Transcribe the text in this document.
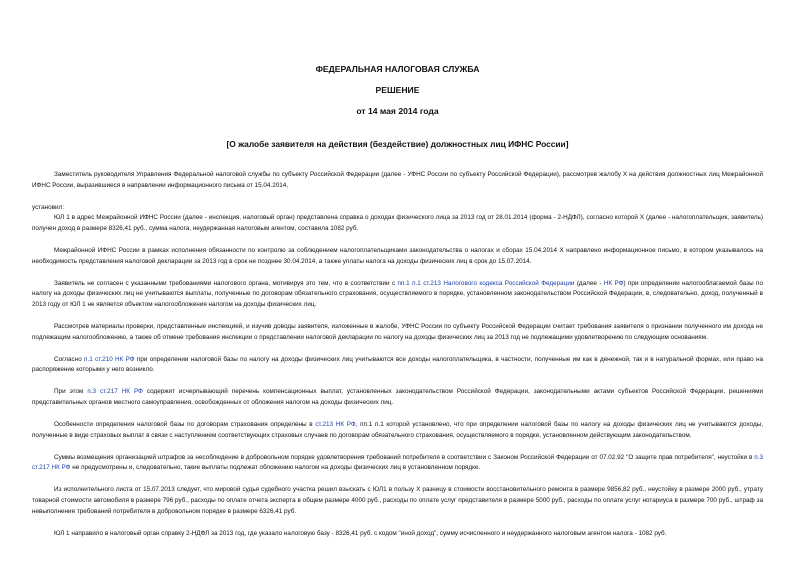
ФЕДЕРАЛЬНАЯ НАЛОГОВАЯ СЛУЖБА
РЕШЕНИЕ
от 14 мая 2014 года
[О жалобе заявителя на действия (бездействие) должностных лиц ИФНС России]

Заместитель руководителя Управления Федеральной налоговой службы по субъекту Российской Федерации (далее - УФНС России по субъекту Российской Федерации), рассмотрев жалобу Х на действия должностных лиц Межрайонной ИФНС России, выразившиеся в направлении информационного письма от 15.04.2014,

установил:

ЮЛ 1 в адрес Межрайонной ИФНС России (далее - инспекция, налоговый орган) представлена справка о доходах физического лица за 2013 год от 28.01.2014 (форма - 2-НДФЛ), согласно которой Х (далее - налогоплательщик, заявитель) получен доход в размере 8326,41 руб., сумма налога, неудержанная налоговым агентом, составила 1082 руб.

Межрайонной ИФНС России в рамках исполнения обязанности по контролю за соблюдением налогоплательщиками законодательства о налогах и сборах 15.04.2014 Х направлено информационное письмо, в котором указывалось на необходимость представления налоговой декларации за 2013 год в срок не позднее 30.04.2014, а также уплаты налога на доходы физических лиц в срок до 15.07.2014.

Заявитель не согласен с указанными требованиями налогового органа, мотивируя это тем, что в соответствии с пп.1 п.1 ст.213 Налогового кодекса Российской Федерации (далее - НК РФ) при определении налогооблагаемой базы по налогу на доходы физических лиц не учитываются выплаты, полученные по договорам обязательного страхования, осуществляемого в порядке, установленном законодательством Российской Федерации, в, следовательно, доход, полученный в 2013 году от ЮЛ 1 не является объектом налогообложения налогом на доходы физических лиц.

Рассмотрев материалы проверки, представленные инспекцией, и изучив доводы заявителя, изложенные в жалобе, УФНС России по субъекту Российской Федерации считает требования заявителя о признании полученного им дохода не подлежащим налогообложению, а также об отмене требования инспекции о представлении налоговой декларации по налогу на доходы физических лиц за 2013 год не подлежащими удовлетворению по следующим основаниям.

Согласно п.1 ст.210 НК РФ при определении налоговой базы по налогу на доходы физических лиц учитываются все доходы налогоплательщика, в частности, полученные им как в денежной, так и в натуральной формах, или право на распоряжение которыми у него возникло.

При этом п.3 ст.217 НК РФ содержит исчерпывающий перечень компенсационных выплат, установленных законодательством Российской Федерации, законодательными актами субъектов Российской Федерации, решениями представительных органов местного самоуправления, освобожденных от обложения налогом на доходы физических лиц.

Особенности определения налоговой базы по договорам страхования определены в ст.213 НК РФ, пп.1 п.1 которой установлено, что при определении налоговой базы по налогу на доходы физических лиц не учитываются доходы, полученные в виде страховых выплат в связи с наступлением соответствующих страховых случаев по договорам обязательного страхования, осуществляемого в порядке, установленном действующим законодательством.

Суммы возмещения организацией штрафов за несоблюдение в добровольном порядке удовлетворения требований потребителя в соответствии с Законом Российской Федерации от 07.02.92 "О защите прав потребителя", неустойки в п.3 ст.217 НК РФ не предусмотрены и, следовательно, такие выплаты подлежат обложению налогом на доходы физических лиц в установленном порядке.

Из исполнительного листа от 15.07.2013 следует, что мировой судья судебного участка решил взыскать с ЮЛ1 в пользу Х разницу в стоимости восстановительного ремонта в размере 9856,82 руб., неустойку в размере 2000 руб., утрату товарной стоимости автомобиля в размере 796 руб., расходы по оплате отчета эксперта в общем размере 4000 руб., расходы по оплате услуг представителя в размере 5000 руб., расходы по оплате услуг нотариуса в размере 700 руб., штраф за невыполнение требований потребителя в добровольном порядке в размере 6326,41 руб.

ЮЛ 1 направило в налоговый орган справку 2-НДФЛ за 2013 год, где указало налоговую базу - 8326,41 руб. с кодом "иной доход", сумму исчисленного и неудержанного налоговым агентом налога - 1082 руб.
